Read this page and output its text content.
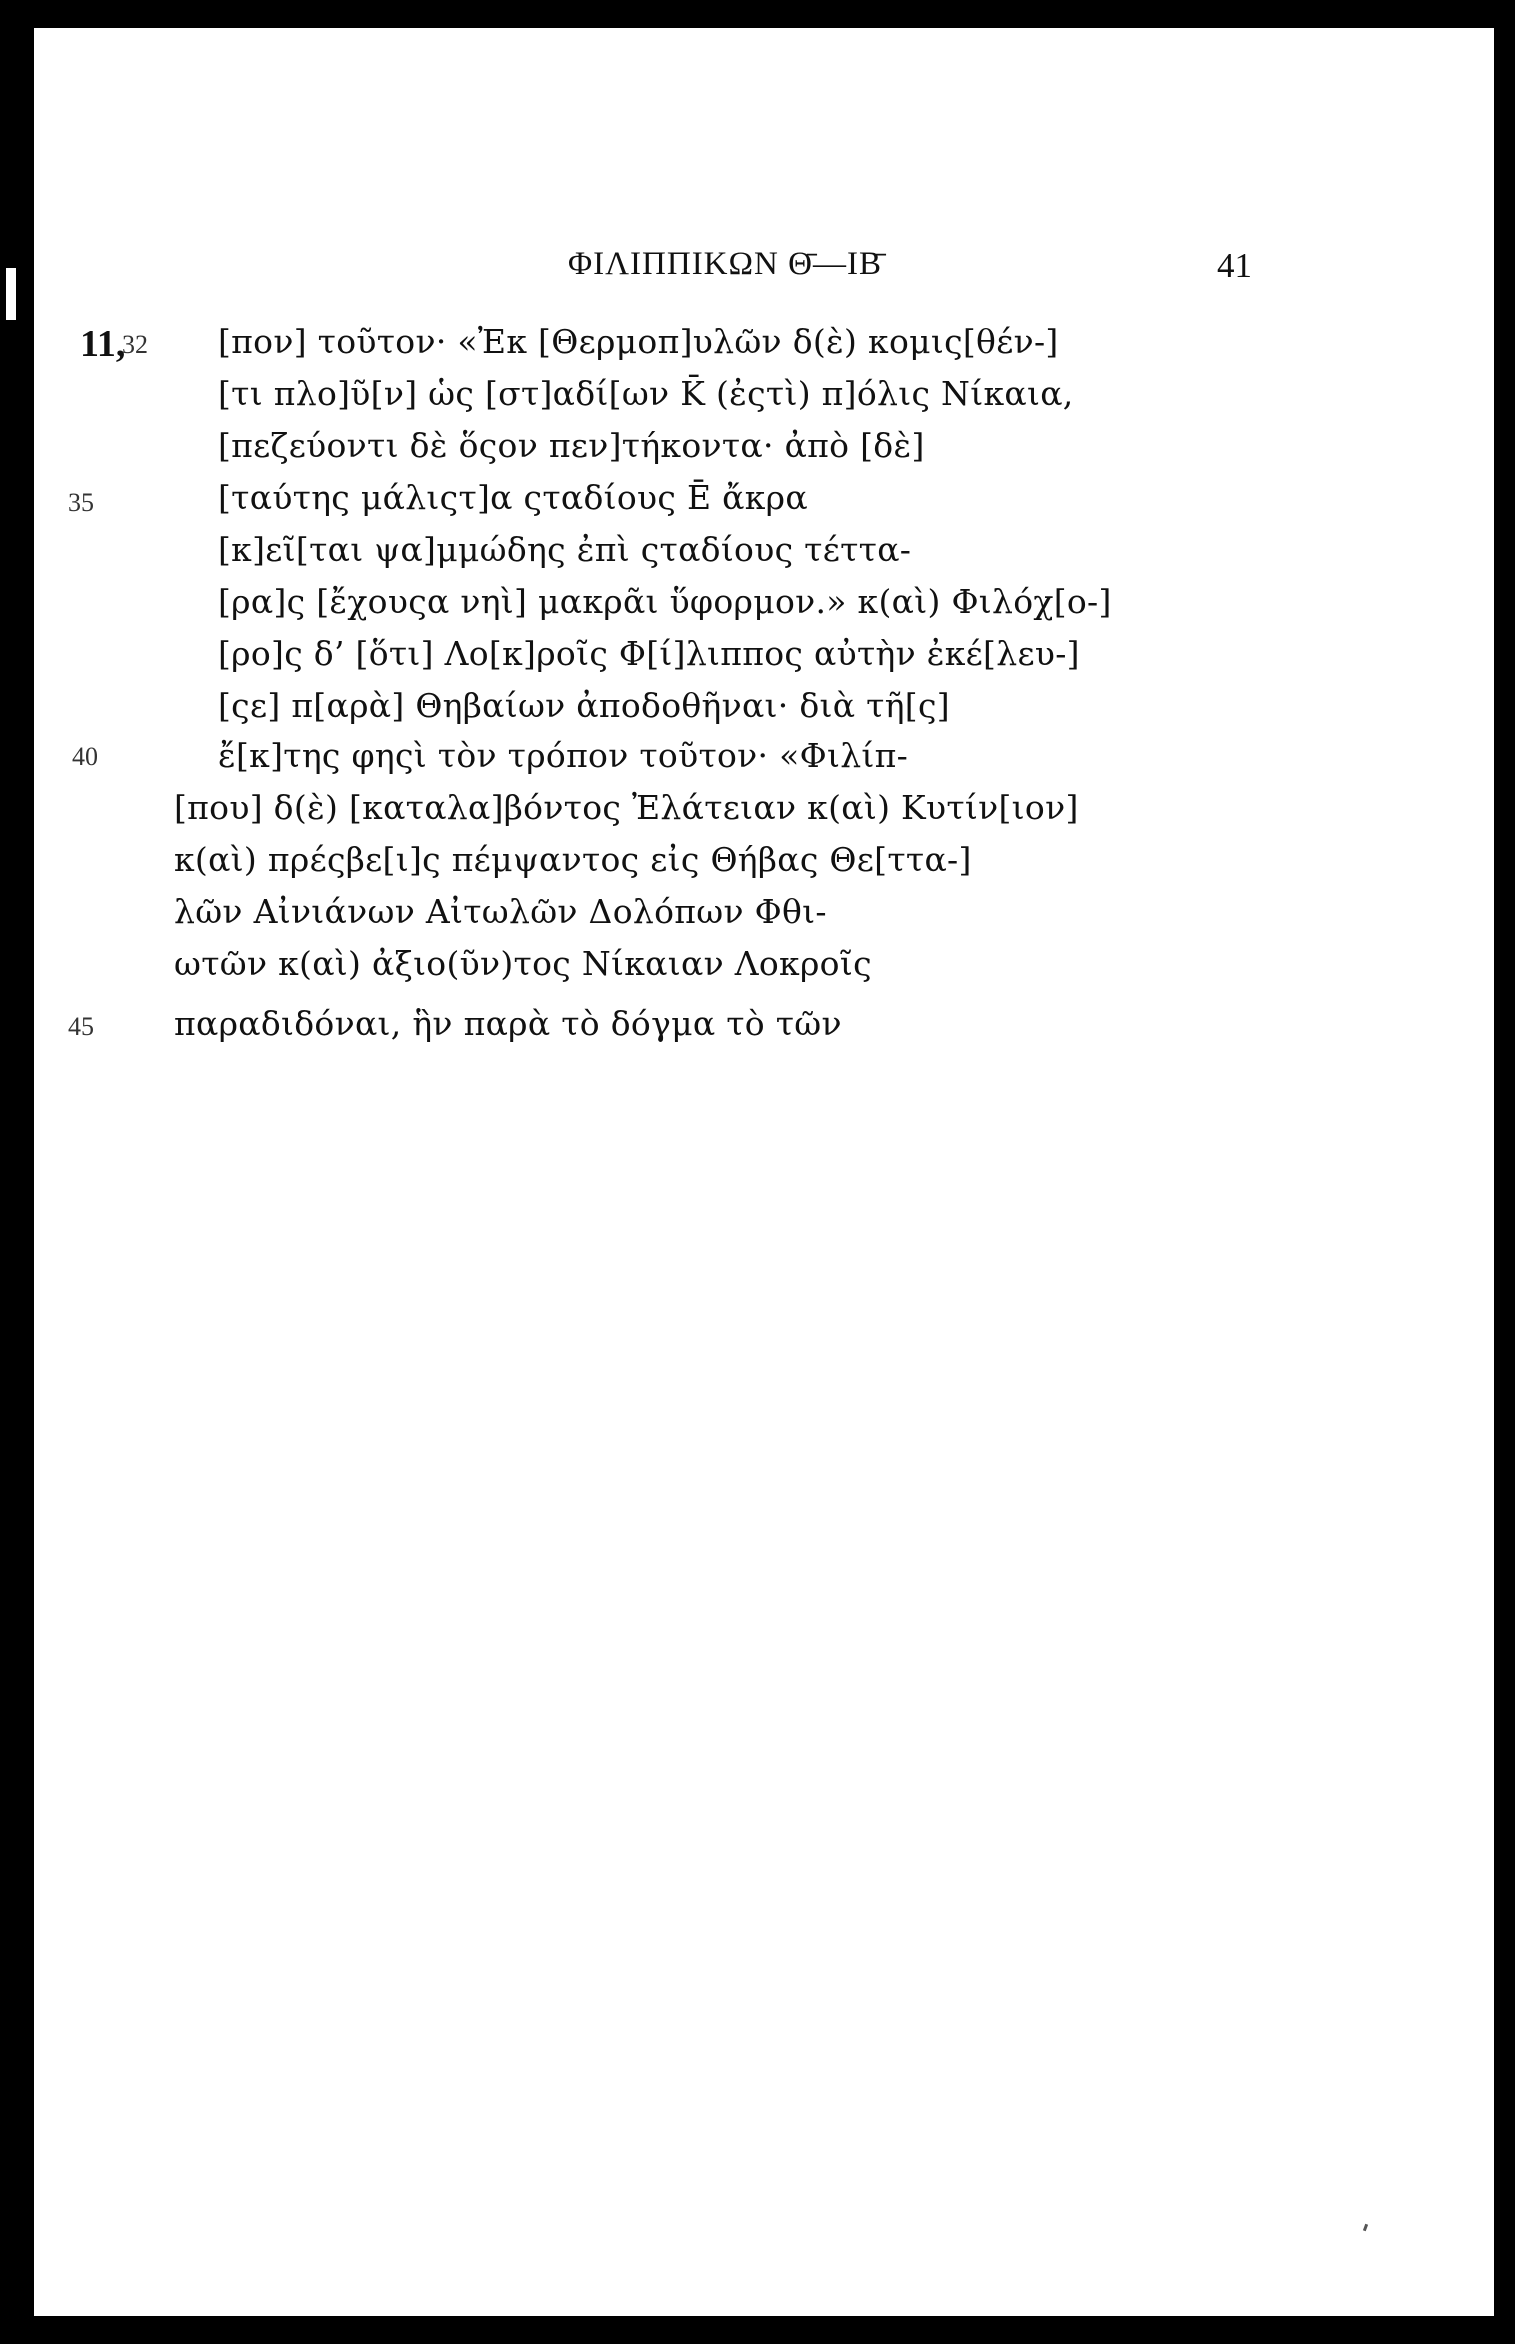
ΦΙΛΙΠΠΙΚΩΝ Θ̄—ΙΒ̄	41
11,
32
35
40
45
[πον] τοῦτον· «Ἐκ [Θερμοπ]υλῶν δ(ὲ) κομις[θέν-]
[τι πλο]ῦ[ν] ὡς [στ]αδί[ων K̄ (ἐςτὶ) π]όλις Νίκαια,
[πεζεύοντι δὲ ὅςον πεν]τήκοντα· ἀπὸ [δὲ]
[ταύτης μάλιςτ]α ςταδίους Ē ἄκρα
[κ]εῖ[ται ψα]μμώδης ἐπὶ ςταδίους τέττα-
[ρα]ς [ἔχουςα νηὶ] μακρᾶι ὕφορμον.» κ(αὶ) Φιλόχ[ο-]
[ρο]ς δ’ [ὅτι] Λο[κ]ροῖς Φ[ί]λιππος αὐτὴν ἐκέ[λευ-]
[ςε] π[αρὰ] Θηβαίων ἀποδοθῆναι· διὰ τῆ[ς]
ἔ[κ]της φηςὶ τὸν τρόπον τοῦτον· «Φιλίπ-
[που] δ(ὲ) [καταλα]βόντος Ἐλάτειαν κ(αὶ) Κυτίν[ιον]
κ(αὶ) πρέςβε[ι]ς πέμψαντος εἰς Θήβας Θε[ττα-]
λῶν Αἰνιάνων Αἰτωλῶν Δολόπων Φθι-
ωτῶν κ(αὶ) ἀξιο(ῦν)τος Νίκαιαν Λοκροῖς
παραδιδόναι, ἣν παρὰ τὸ δόγμα τὸ τῶν
